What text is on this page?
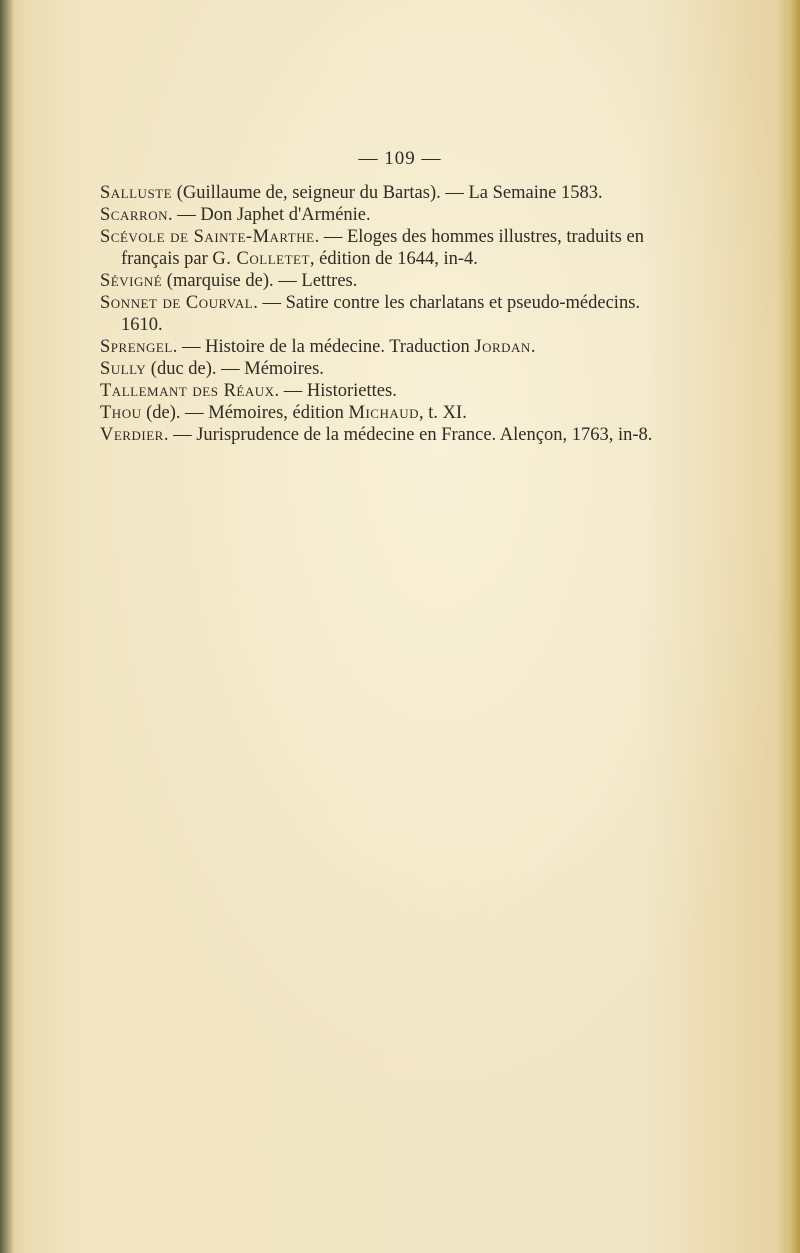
— 109 —

Salluste (Guillaume de, seigneur du Bartas). — La Semaine 1583.

Scarron. — Don Japhet d'Arménie.

Scévole de Sainte-Marthe. — Eloges des hommes illustres, traduits en français par G. Colletet, édition de 1644, in-4.

Sévigné (marquise de). — Lettres.

Sonnet de Courval. — Satire contre les charlatans et pseudo-médecins. 1610.

Sprengel. — Histoire de la médecine. Traduction Jordan.

Sully (duc de). — Mémoires.

Tallemant des Réaux. — Historiettes.

Thou (de). — Mémoires, édition Michaud, t. XI.

Verdier. — Jurisprudence de la médecine en France. Alençon, 1763, in-8.
